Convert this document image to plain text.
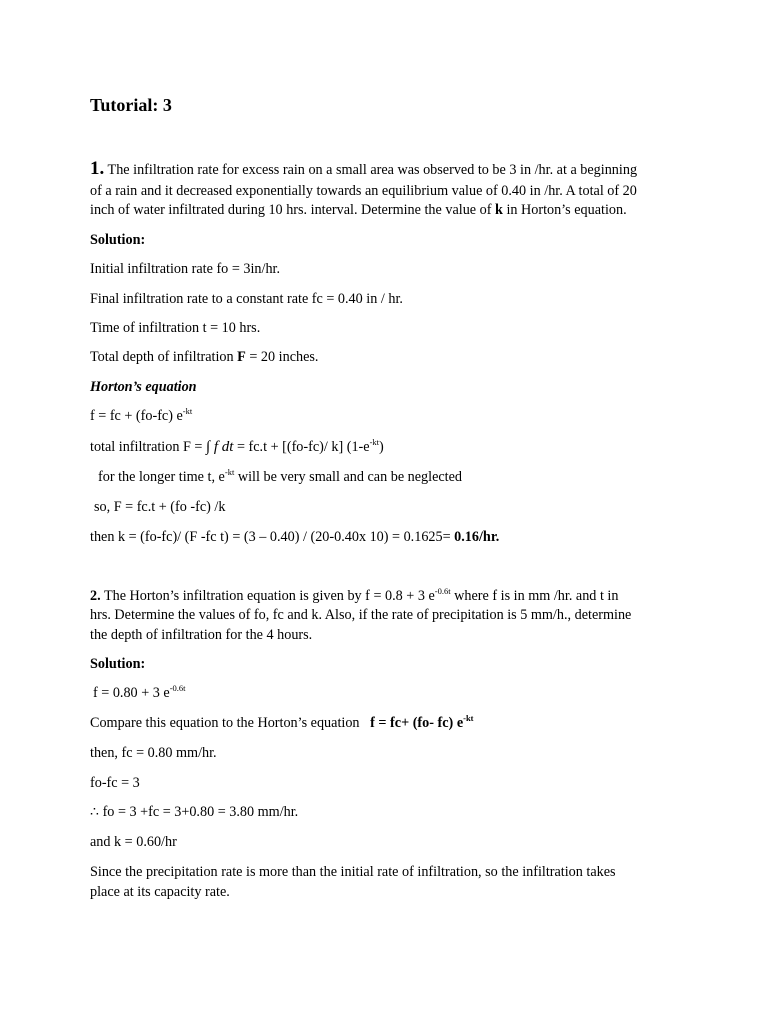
Tutorial: 3

1. The infiltration rate for excess rain on a small area was observed to be 3 in /hr. at a beginning

of a rain and it decreased exponentially towards an equilibrium value of 0.40 in /hr. A total of 20

inch of water infiltrated during 10 hrs. interval. Determine the value of k in Horton’s equation.

Solution:

Initial infiltration rate fo = 3in/hr.

Final infiltration rate to a constant rate fc = 0.40 in / hr.

Time of infiltration t = 10 hrs.

Total depth of infiltration F = 20 inches.

Horton’s equation

f = fc + (fo-fc) $e^{-kt}$

total infiltration F = ∫ f dt = fc.t + [(fo-fc)/ k] $(1-e^{-kt})$

for the longer time t, $e^{-kt}$ will be very small and can be neglected

so, F = fc.t + (fo -fc) /k

then k = (fo-fc)/ (F -fc t) = (3 – 0.40) / (20-0.40x 10) = 0.1625= 0.16/hr.

2. The Horton’s infiltration equation is given by f = 0.8 + 3 $e^{-0.6t}$ where f is in mm /hr. and t in

hrs. Determine the values of fo, fc and k. Also, if the rate of precipitation is 5 mm/h., determine

the depth of infiltration for the 4 hours.

Solution:

f = 0.80 + 3 $e^{-0.6t}$

Compare this equation to the Horton’s equation f = fc+ (fo- fc) $e^{-kt}$

then, fc = 0.80 mm/hr.

fo-fc = 3

∴ fo = 3 +fc = 3+0.80 = 3.80 mm/hr.

and k = 0.60/hr

Since the precipitation rate is more than the initial rate of infiltration, so the infiltration takes

place at its capacity rate.
